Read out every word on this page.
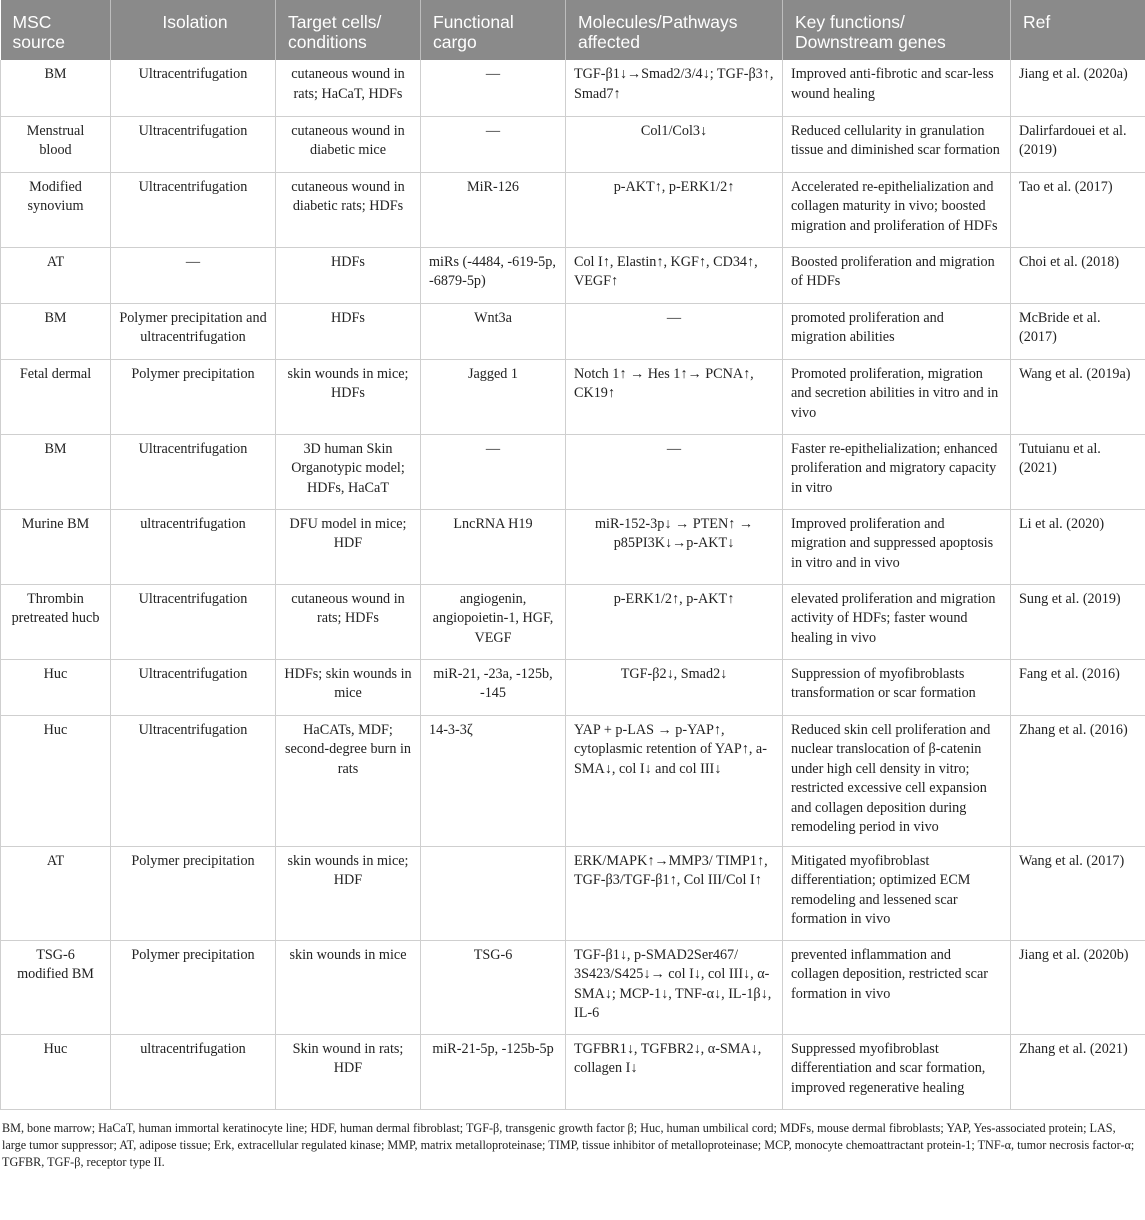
MSC source	Isolation	Target cells/ conditions	Functional cargo	Molecules/Pathways affected	Key functions/ Downstream genes	Ref
BM	Ultracentrifugation	cutaneous wound in rats; HaCaT, HDFs	—	TGF-β1↓→Smad2/3/4↓; TGF-β3↑, Smad7↑	Improved anti-fibrotic and scar-less wound healing	Jiang et al. (2020a)
Menstrual blood	Ultracentrifugation	cutaneous wound in diabetic mice	—	Col1/Col3↓	Reduced cellularity in granulation tissue and diminished scar formation	Dalirfardouei et al. (2019)
Modified synovium	Ultracentrifugation	cutaneous wound in diabetic rats; HDFs	MiR-126	p-AKT↑, p-ERK1/2↑	Accelerated re-epithelialization and collagen maturity in vivo; boosted migration and proliferation of HDFs	Tao et al. (2017)
AT	—	HDFs	miRs (-4484, -619-5p, -6879-5p)	Col I↑, Elastin↑, KGF↑, CD34↑, VEGF↑	Boosted proliferation and migration of HDFs	Choi et al. (2018)
BM	Polymer precipitation and ultracentrifugation	HDFs	Wnt3a	—	promoted proliferation and migration abilities	McBride et al. (2017)
Fetal dermal	Polymer precipitation	skin wounds in mice; HDFs	Jagged 1	Notch 1↑ → Hes 1↑→ PCNA↑, CK19↑	Promoted proliferation, migration and secretion abilities in vitro and in vivo	Wang et al. (2019a)
BM	Ultracentrifugation	3D human Skin Organotypic model; HDFs, HaCaT	—	—	Faster re-epithelialization; enhanced proliferation and migratory capacity in vitro	Tutuianu et al. (2021)
Murine BM	ultracentrifugation	DFU model in mice; HDF	LncRNA H19	miR-152-3p↓ → PTEN↑ → p85PI3K↓→p-AKT↓	Improved proliferation and migration and suppressed apoptosis in vitro and in vivo	Li et al. (2020)
Thrombin pretreated hucb	Ultracentrifugation	cutaneous wound in rats; HDFs	angiogenin, angiopoietin-1, HGF, VEGF	p-ERK1/2↑, p-AKT↑	elevated proliferation and migration activity of HDFs; faster wound healing in vivo	Sung et al. (2019)
Huc	Ultracentrifugation	HDFs; skin wounds in mice	miR-21, -23a, -125b, -145	TGF-β2↓, Smad2↓	Suppression of myofibroblasts transformation or scar formation	Fang et al. (2016)
Huc	Ultracentrifugation	HaCATs, MDF; second-degree burn in rats	14-3-3ζ	YAP + p-LAS → p-YAP↑, cytoplasmic retention of YAP↑, a-SMA↓, col I↓ and col III↓	Reduced skin cell proliferation and nuclear translocation of β-catenin under high cell density in vitro; restricted excessive cell expansion and collagen deposition during remodeling period in vivo	Zhang et al. (2016)
AT	Polymer precipitation	skin wounds in mice; HDF		ERK/MAPK↑→MMP3/ TIMP1↑, TGF-β3/TGF-β1↑, Col III/Col I↑	Mitigated myofibroblast differentiation; optimized ECM remodeling and lessened scar formation in vivo	Wang et al. (2017)
TSG-6 modified BM	Polymer precipitation	skin wounds in mice	TSG-6	TGF-β1↓, p-SMAD2Ser467/ 3S423/S425↓→ col I↓, col III↓, α-SMA↓; MCP-1↓, TNF-α↓, IL-1β↓, IL-6	prevented inflammation and collagen deposition, restricted scar formation in vivo	Jiang et al. (2020b)
Huc	ultracentrifugation	Skin wound in rats; HDF	miR-21-5p, -125b-5p	TGFBR1↓, TGFBR2↓, α-SMA↓, collagen I↓	Suppressed myofibroblast differentiation and scar formation, improved regenerative healing	Zhang et al. (2021)
BM, bone marrow; HaCaT, human immortal keratinocyte line; HDF, human dermal fibroblast; TGF-β, transgenic growth factor β; Huc, human umbilical cord; MDFs, mouse dermal fibroblasts; YAP, Yes-associated protein; LAS, large tumor suppressor; AT, adipose tissue; Erk, extracellular regulated kinase; MMP, matrix metalloproteinase; TIMP, tissue inhibitor of metalloproteinase; MCP, monocyte chemoattractant protein-1; TNF-α, tumor necrosis factor-α; TGFBR, TGF-β, receptor type II.
